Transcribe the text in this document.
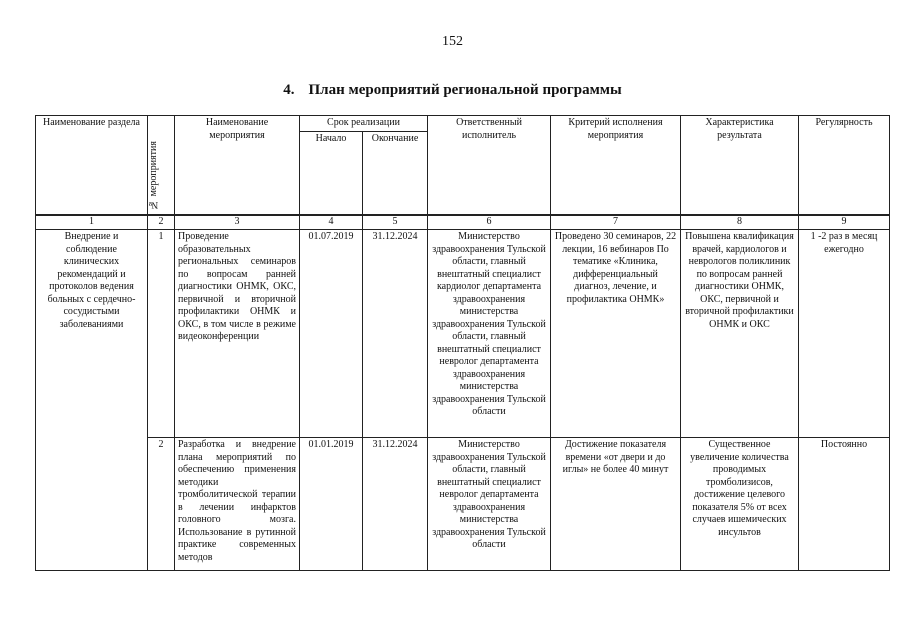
152
4. План мероприятий региональной программы
Наименование раздела	№ мероприятия	Наименование мероприятия	Срок реализации		Ответственный исполнитель	Критерий исполнения мероприятия	Характеристика результата	Регулярность
			Начало	Окончание				
1	2	3	4	5	6	7	8	9
Внедрение и соблюдение клинических рекомендаций и протоколов ведения больных с сердечно-сосудистыми заболеваниями	1	Проведение образовательных региональных семинаров по вопросам ранней диагностики ОНМК, ОКС, первичной и вторичной профилактики ОНМК и ОКС, в том числе в режиме видеоконференции	01.07.2019	31.12.2024	Министерство здравоохранения Тульской области, главный внештатный специалист кардиолог департамента здравоохранения министерства здравоохранения Тульской области, главный внештатный специалист невролог департамента здравоохранения министерства здравоохранения Тульской области	Проведено 30 семинаров, 22 лекции, 16 вебинаров По тематике «Клиника, дифференциальный диагноз, лечение, и профилактика ОНМК»	Повышена квалификация врачей, кардиологов и неврологов поликлиник по вопросам ранней диагностики ОНМК, ОКС, первичной и вторичной профилактики ОНМК и ОКС	1 -2 раз в месяц ежегодно
	2	Разработка и внедрение плана мероприятий по обеспечению применения методики тромболитической терапии в лечении инфарктов головного мозга. Использование в рутинной практике современных методов	01.01.2019	31.12.2024	Министерство здравоохранения Тульской области, главный внештатный специалист невролог департамента здравоохранения министерства здравоохранения Тульской области	Достижение показателя времени «от двери и до иглы» не более 40 минут	Существенное увеличение количества проводимых тромболизисов, достижение целевого показателя 5% от всех случаев ишемических инсультов	Постоянно
